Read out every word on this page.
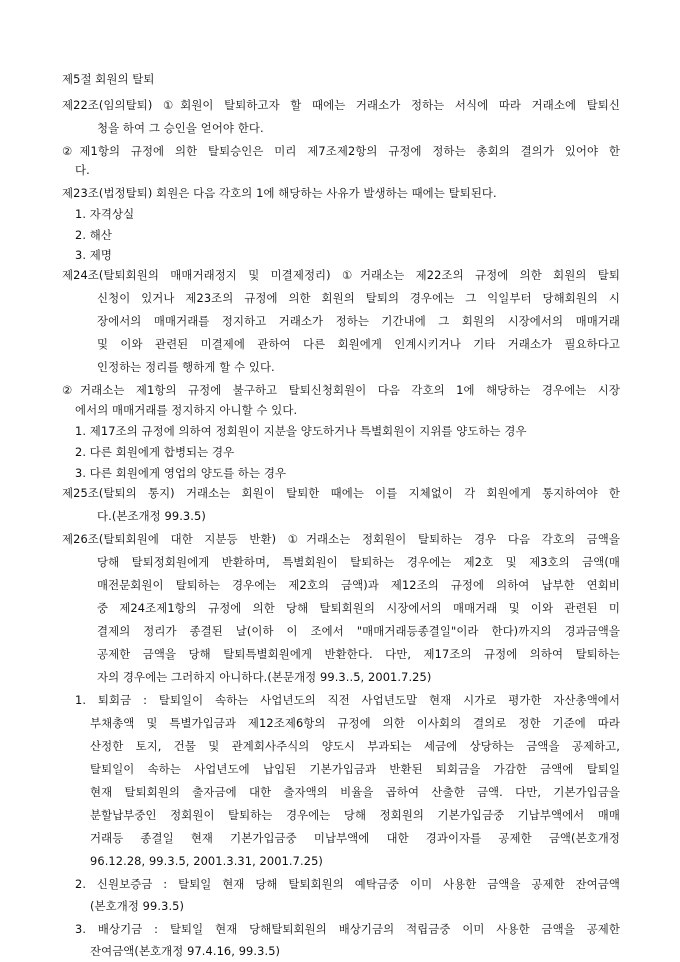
제5절 회원의 탈퇴
제22조(임의탈퇴) ①회원이 탈퇴하고자 할 때에는 거래소가 정하는 서식에 따라 거래소에 탈퇴신
청을 하여 그 승인을 얻어야 한다.
②제1항의 규정에 의한 탈퇴승인은 미리 제7조제2항의 규정에 정하는 총회의 결의가 있어야 한
다.
제23조(법정탈퇴) 회원은 다음 각호의 1에 해당하는 사유가 발생하는 때에는 탈퇴된다.
1. 자격상실
2. 해산
3. 제명
제24조(탈퇴회원의 매매거래정지 및 미결제정리) ①거래소는 제22조의 규정에 의한 회원의 탈퇴
신청이 있거나 제23조의 규정에 의한 회원의 탈퇴의 경우에는 그 익일부터 당해회원의 시
장에서의 매매거래를 정지하고 거래소가 정하는 기간내에 그 회원의 시장에서의 매매거래
및 이와 관련된 미결제에 관하여 다른 회원에게 인계시키거나 기타 거래소가 필요하다고
인정하는 정리를 행하게 할 수 있다.
②거래소는 제1항의 규정에 불구하고 탈퇴신청회원이 다음 각호의 1에 해당하는 경우에는 시장
에서의 매매거래를 정지하지 아니할 수 있다.
1. 제17조의 규정에 의하여 정회원이 지분을 양도하거나 특별회원이 지위를 양도하는 경우
2. 다른 회원에게 합병되는 경우
3. 다른 회원에게 영업의 양도를 하는 경우
제25조(탈퇴의 통지) 거래소는 회원이 탈퇴한 때에는 이를 지체없이 각 회원에게 통지하여야 한
다.(본조개정 99.3.5)
제26조(탈퇴회원에 대한 지분등 반환) ①거래소는 정회원이 탈퇴하는 경우 다음 각호의 금액을
당해 탈퇴정회원에게 반환하며, 특별회원이 탈퇴하는 경우에는 제2호 및 제3호의 금액(매
매전문회원이 탈퇴하는 경우에는 제2호의 금액)과 제12조의 규정에 의하여 납부한 연회비
중 제24조제1항의 규정에 의한 당해 탈퇴회원의 시장에서의 매매거래 및 이와 관련된 미
결제의 정리가 종결된 날(이하 이 조에서 "매매거래등종결일"이라 한다)까지의 경과금액을
공제한 금액을 당해 탈퇴특별회원에게 반환한다. 다만, 제17조의 규정에 의하여 탈퇴하는
자의 경우에는 그러하지 아니하다.(본문개정 99.3..5, 2001.7.25)
1. 퇴회금 : 탈퇴일이 속하는 사업년도의 직전 사업년도말 현재 시가로 평가한 자산총액에서
부채총액 및 특별가입금과 제12조제6항의 규정에 의한 이사회의 결의로 정한 기준에 따라
산정한 토지, 건물 및 관계회사주식의 양도시 부과되는 세금에 상당하는 금액을 공제하고,
탈퇴일이 속하는 사업년도에 납입된 기본가입금과 반환된 퇴회금을 가감한 금액에 탈퇴일
현재 탈퇴회원의 출자금에 대한 출자액의 비율을 곱하여 산출한 금액. 다만, 기본가입금을
분할납부중인 정회원이 탈퇴하는 경우에는 당해 정회원의 기본가입금중 기납부액에서 매매
거래등 종결일 현재 기본가입금중 미납부액에 대한 경과이자를 공제한 금액(본호개정
96.12.28, 99.3.5, 2001.3.31, 2001.7.25)
2. 신원보증금 : 탈퇴일 현재 당해 탈퇴회원의 예탁금중 이미 사용한 금액을 공제한 잔여금액
(본호개정 99.3.5)
3. 배상기금 : 탈퇴일 현재 당해탈퇴회원의 배상기금의 적립금중 이미 사용한 금액을 공제한
잔여금액(본호개정 97.4.16, 99.3.5)
